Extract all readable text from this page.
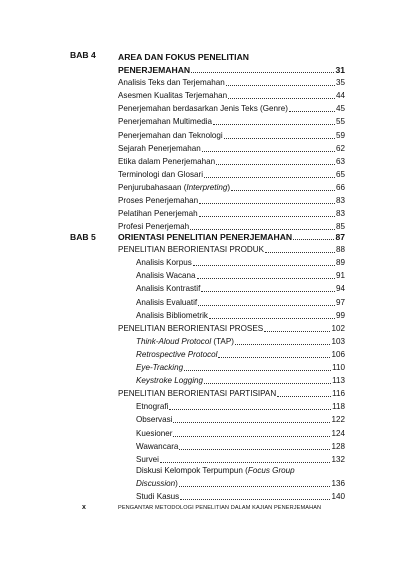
BAB 4	AREA DAN FOKUS PENELITIAN
PENERJEMAHAN	31
Analisis Teks dan Terjemahan	35
Asesmen Kualitas Terjemahan	44
Penerjemahan berdasarkan Jenis Teks (Genre)	45
Penerjemahan Multimedia	55
Penerjemahan dan Teknologi	59
Sejarah Penerjemahan	62
Etika dalam Penerjemahan	63
Terminologi dan Glosari	65
Penjurubahasaan (Interpreting)	66
Proses Penerjemahan	83
Pelatihan Penerjemah	83
Profesi Penerjemah	85
BAB 5	ORIENTASI PENELITIAN PENERJEMAHAN	87
PENELITIAN BERORIENTASI PRODUK	88
Analisis Korpus	89
Analisis Wacana	91
Analisis Kontrastif	94
Analisis Evaluatif	97
Analisis Bibliometrik	99
PENELITIAN BERORIENTASI PROSES	102
Think-Aloud Protocol (TAP)	103
Retrospective Protocol	106
Eye-Tracking	110
Keystroke Logging	113
PENELITIAN BERORIENTASI PARTISIPAN	116
Etnografi	118
Observasi	122
Kuesioner	124
Wawancara	128
Survei	132
Diskusi Kelompok Terpumpun (Focus Group
Discussion)	136
Studi Kasus	140
x	PENGANTAR METODOLOGI PENELITIAN DALAM KAJIAN PENERJEMAHAN
